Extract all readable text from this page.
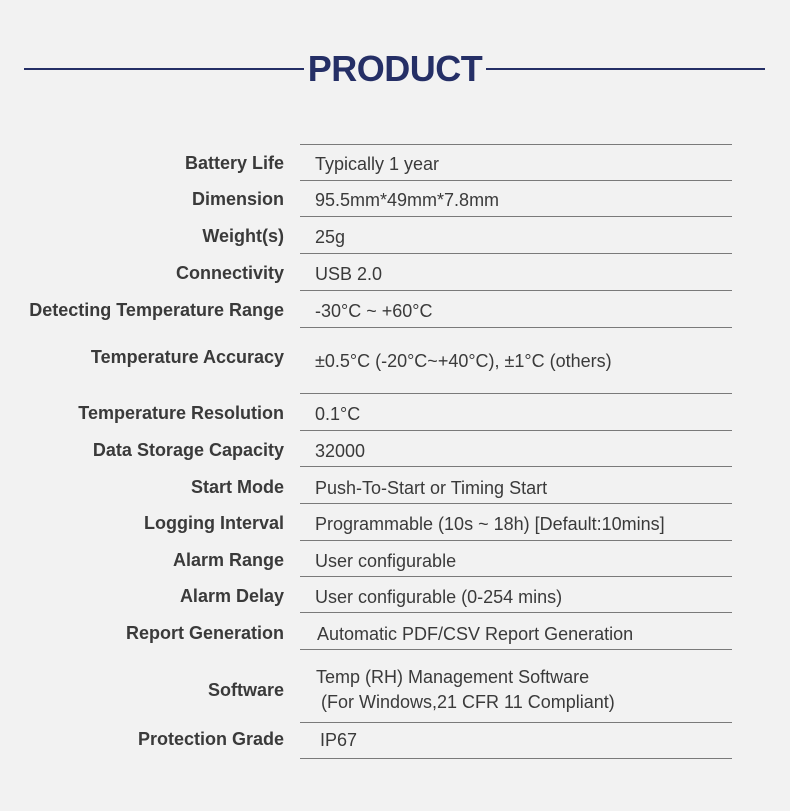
PRODUCT
Battery Life Typically 1 year
Dimension 95.5mm*49mm*7.8mm
Weight(s) 25g
Connectivity USB 2.0
Detecting Temperature Range -30°C ~ +60°C
Temperature Accuracy ±0.5°C (-20°C~+40°C), ±1°C (others)
Temperature Resolution 0.1°C
Data Storage Capacity 32000
Start Mode Push-To-Start or Timing Start
Logging Interval Programmable (10s ~ 18h) [Default:10mins]
Alarm Range User configurable
Alarm Delay User configurable (0-254 mins)
Report Generation Automatic PDF/CSV Report Generation
Software
Temp (RH) Management Software
(For Windows,21 CFR 11 Compliant)
Protection Grade IP67
